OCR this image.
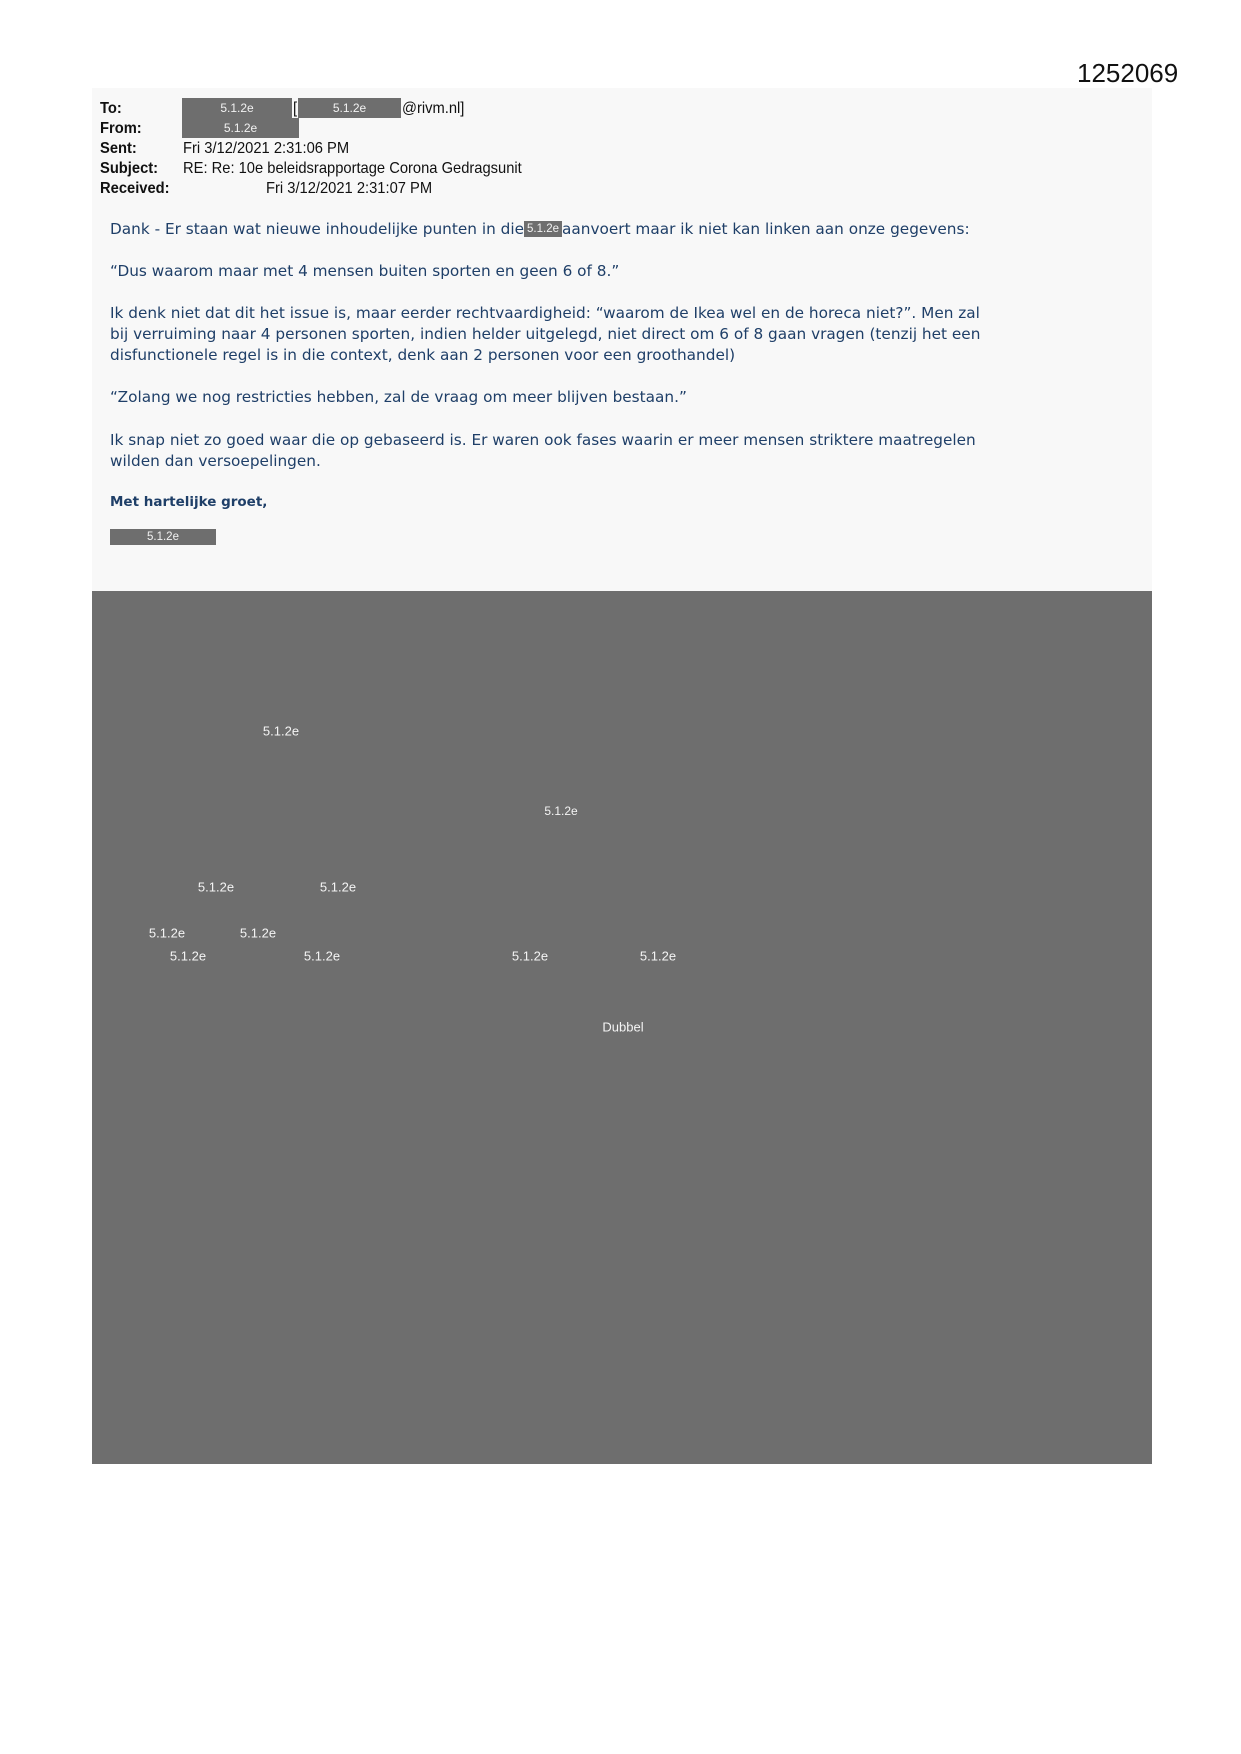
1252069
To:	5.1.2e	[	5.1.2e	@rivm.nl]
From:	5.1.2e
Sent:	Fri 3/12/2021 2:31:06 PM
Subject: RE: Re: 10e beleidsrapportage Corona Gedragsunit
Received:	Fri 3/12/2021 2:31:07 PM
Dank - Er staan wat nieuwe inhoudelijke punten in die 5.1.2e aanvoert maar ik niet kan linken aan onze gegevens:
“Dus waarom maar met 4 mensen buiten sporten en geen 6 of 8.”
Ik denk niet dat dit het issue is, maar eerder rechtvaardigheid: “waarom de Ikea wel en de horeca niet?”. Men zal
bij verruiming naar 4 personen sporten, indien helder uitgelegd, niet direct om 6 of 8 gaan vragen (tenzij het een
disfunctionele regel is in die context, denk aan 2 personen voor een groothandel)
“Zolang we nog restricties hebben, zal de vraag om meer blijven bestaan.”
Ik snap niet zo goed waar die op gebaseerd is. Er waren ook fases waarin er meer mensen striktere maatregelen
wilden dan versoepelingen.
Met hartelijke groet,
5.1.2e
5.1.2e
5.1.2e
5.1.2e	5.1.2e
5.1.2e	5.1.2e
5.1.2e	5.1.2e	5.1.2e	5.1.2e
Dubbel
